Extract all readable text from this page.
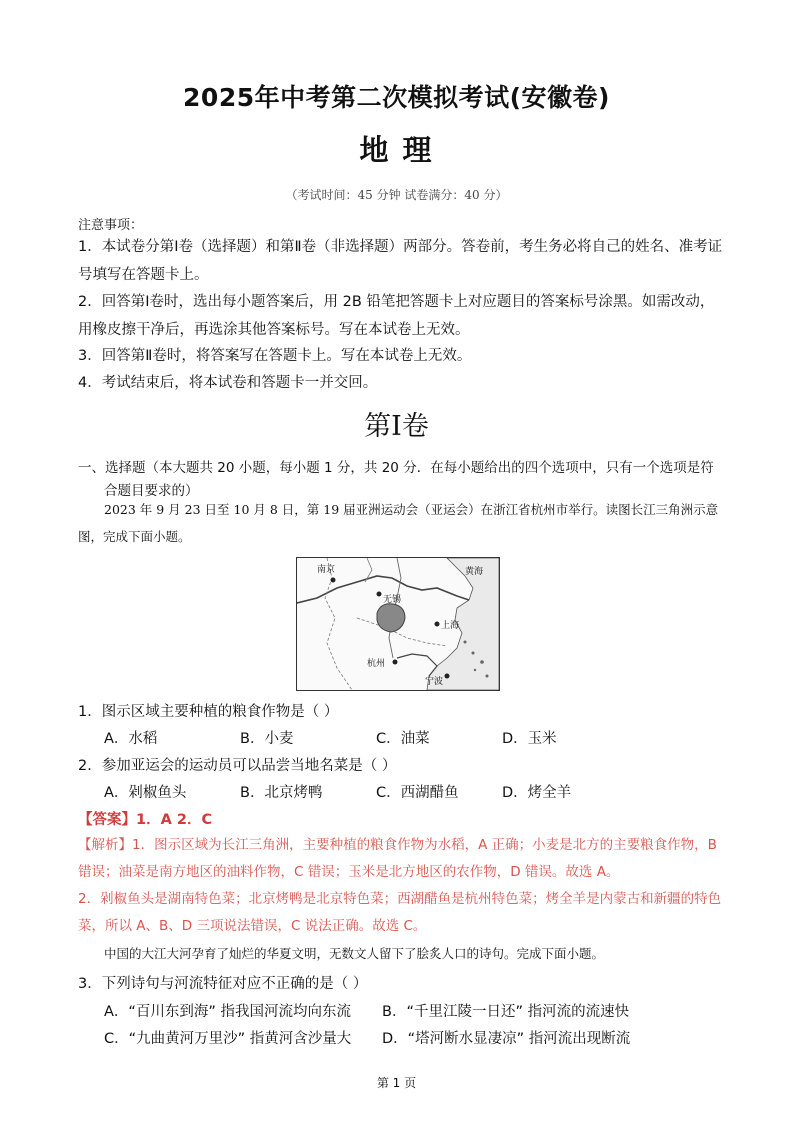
2025年中考第二次模拟考试(安徽卷)
地 理
（考试时间：45 分钟 试卷满分：40 分）
注意事项：
1．本试卷分第Ⅰ卷（选择题）和第Ⅱ卷（非选择题）两部分。答卷前，考生务必将自己的姓名、准考证号填写在答题卡上。
2．回答第Ⅰ卷时，选出每小题答案后，用 2B 铅笔把答题卡上对应题目的答案标号涂黑。如需改动，用橡皮擦干净后，再选涂其他答案标号。写在本试卷上无效。
3．回答第Ⅱ卷时，将答案写在答题卡上。写在本试卷上无效。
4．考试结束后，将本试卷和答题卡一并交回。
第Ⅰ卷
一、选择题（本大题共 20 小题，每小题 1 分，共 20 分．在每小题给出的四个选项中，只有一个选项是符
合题目要求的）
2023 年 9 月 23 日至 10 月 8 日，第 19 届亚洲运动会（亚运会）在浙江省杭州市举行。读图长江三角洲示意图，完成下面小题。
南京
无锡
上海
杭州
宁波
黄海
1．图示区域主要种植的粮食作物是（ ）
A．水稻	B．小麦	C．油菜	D．玉米
2．参加亚运会的运动员可以品尝当地名菜是（ ）
A．剁椒鱼头	B．北京烤鸭	C．西湖醋鱼	D．烤全羊
【答案】1．A 2．C
【解析】1．图示区域为长江三角洲，主要种植的粮食作物为水稻，A 正确；小麦是北方的主要粮食作物，B 错误；油菜是南方地区的油料作物，C 错误；玉米是北方地区的农作物，D 错误。故选 A。
2．剁椒鱼头是湖南特色菜；北京烤鸭是北京特色菜；西湖醋鱼是杭州特色菜；烤全羊是内蒙古和新疆的特色菜，所以 A、B、D 三项说法错误，C 说法正确。故选 C。
中国的大江大河孕育了灿烂的华夏文明，无数文人留下了脍炙人口的诗句。完成下面小题。
3．下列诗句与河流特征对应不正确的是（ ）
A．“百川东到海” 指我国河流均向东流 B．“千里江陵一日还” 指河流的流速快
C．“九曲黄河万里沙” 指黄河含沙量大 D．“塔河断水显凄凉” 指河流出现断流
第 1 页
